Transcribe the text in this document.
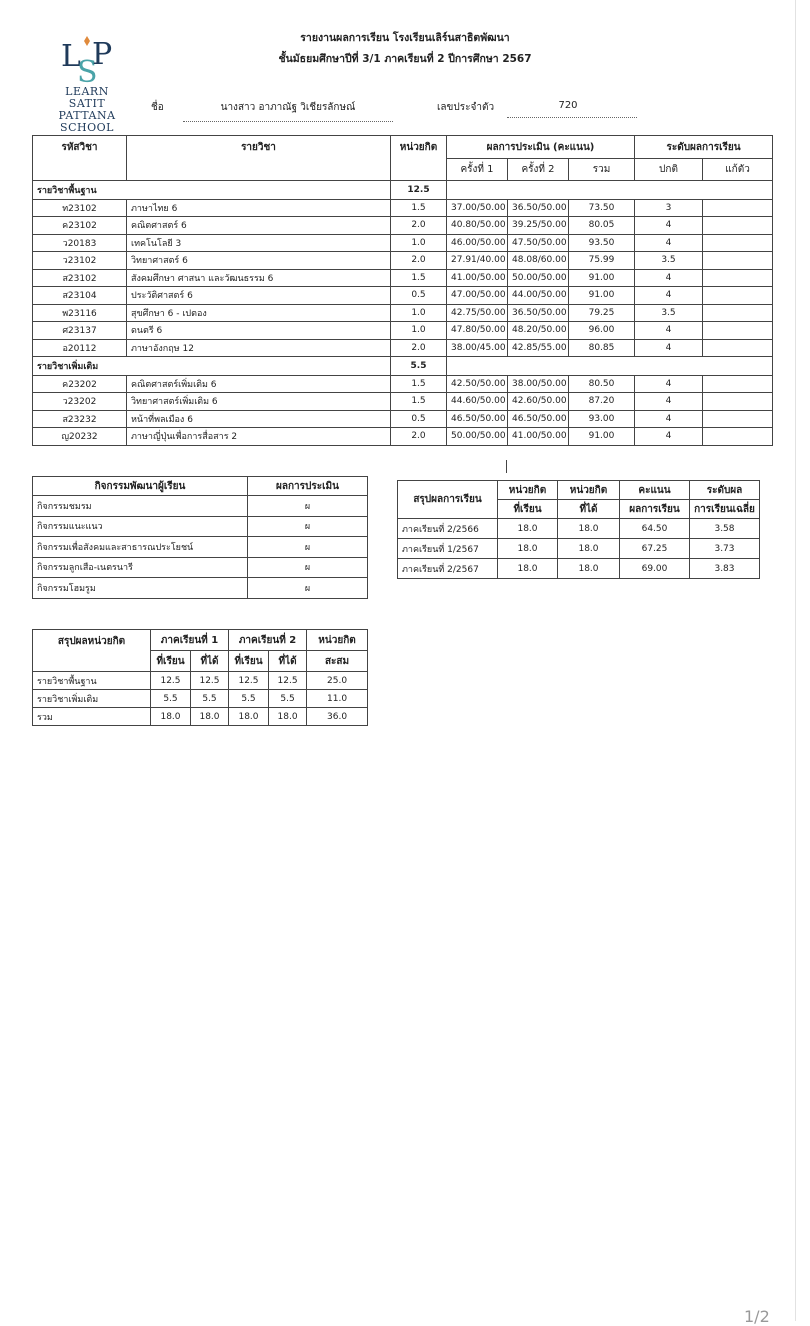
L
S
P
LEARN
SATIT PATTANA
SCHOOL
รายงานผลการเรียน โรงเรียนเลิร์นสาธิตพัฒนา
ชั้นมัธยมศึกษาปีที่ 3/1 ภาคเรียนที่ 2 ปีการศึกษา 2567
ชื่อ	นางสาว อาภาณัฐ วิเชียรลักษณ์	เลขประจำตัว	720
รหัสวิชา	รายวิชา	หน่วยกิต	ผลการประเมิน (คะแนน)			ระดับผลการเรียน	
			ครั้งที่ 1	ครั้งที่ 2	รวม	ปกติ	แก้ตัว
รายวิชาพื้นฐาน		12.5					
ท23102	ภาษาไทย 6	1.5	37.00/50.00	36.50/50.00	73.50	3	
ค23102	คณิตศาสตร์ 6	2.0	40.80/50.00	39.25/50.00	80.05	4	
ว20183	เทคโนโลยี 3	1.0	46.00/50.00	47.50/50.00	93.50	4	
ว23102	วิทยาศาสตร์ 6	2.0	27.91/40.00	48.08/60.00	75.99	3.5	
ส23102	สังคมศึกษา ศาสนา และวัฒนธรรม 6	1.5	41.00/50.00	50.00/50.00	91.00	4	
ส23104	ประวัติศาสตร์ 6	0.5	47.00/50.00	44.00/50.00	91.00	4	
พ23116	สุขศึกษา 6 - เปตอง	1.0	42.75/50.00	36.50/50.00	79.25	3.5	
ศ23137	ดนตรี 6	1.0	47.80/50.00	48.20/50.00	96.00	4	
อ20112	ภาษาอังกฤษ 12	2.0	38.00/45.00	42.85/55.00	80.85	4	
รายวิชาเพิ่มเติม		5.5					
ค23202	คณิตศาสตร์เพิ่มเติม 6	1.5	42.50/50.00	38.00/50.00	80.50	4	
ว23202	วิทยาศาสตร์เพิ่มเติม 6	1.5	44.60/50.00	42.60/50.00	87.20	4	
ส23232	หน้าที่พลเมือง 6	0.5	46.50/50.00	46.50/50.00	93.00	4	
ญ20232	ภาษาญี่ปุ่นเพื่อการสื่อสาร 2	2.0	50.00/50.00	41.00/50.00	91.00	4	
กิจกรรมพัฒนาผู้เรียน	ผลการประเมิน
กิจกรรมชมรม	ผ
กิจกรรมแนะแนว	ผ
กิจกรรมเพื่อสังคมและสาธารณประโยชน์	ผ
กิจกรรมลูกเสือ-เนตรนารี	ผ
กิจกรรมโฮมรูม	ผ
สรุปผลการเรียน	หน่วยกิต	หน่วยกิต	คะแนน	ระดับผล
	ที่เรียน	ที่ได้	ผลการเรียน	การเรียนเฉลี่ย
ภาคเรียนที่ 2/2566	18.0	18.0	64.50	3.58
ภาคเรียนที่ 1/2567	18.0	18.0	67.25	3.73
ภาคเรียนที่ 2/2567	18.0	18.0	69.00	3.83
สรุปผลหน่วยกิต	ภาคเรียนที่ 1		ภาคเรียนที่ 2		หน่วยกิต
	ที่เรียน	ที่ได้	ที่เรียน	ที่ได้	สะสม
รายวิชาพื้นฐาน	12.5	12.5	12.5	12.5	25.0
รายวิชาเพิ่มเติม	5.5	5.5	5.5	5.5	11.0
รวม	18.0	18.0	18.0	18.0	36.0
1/2
